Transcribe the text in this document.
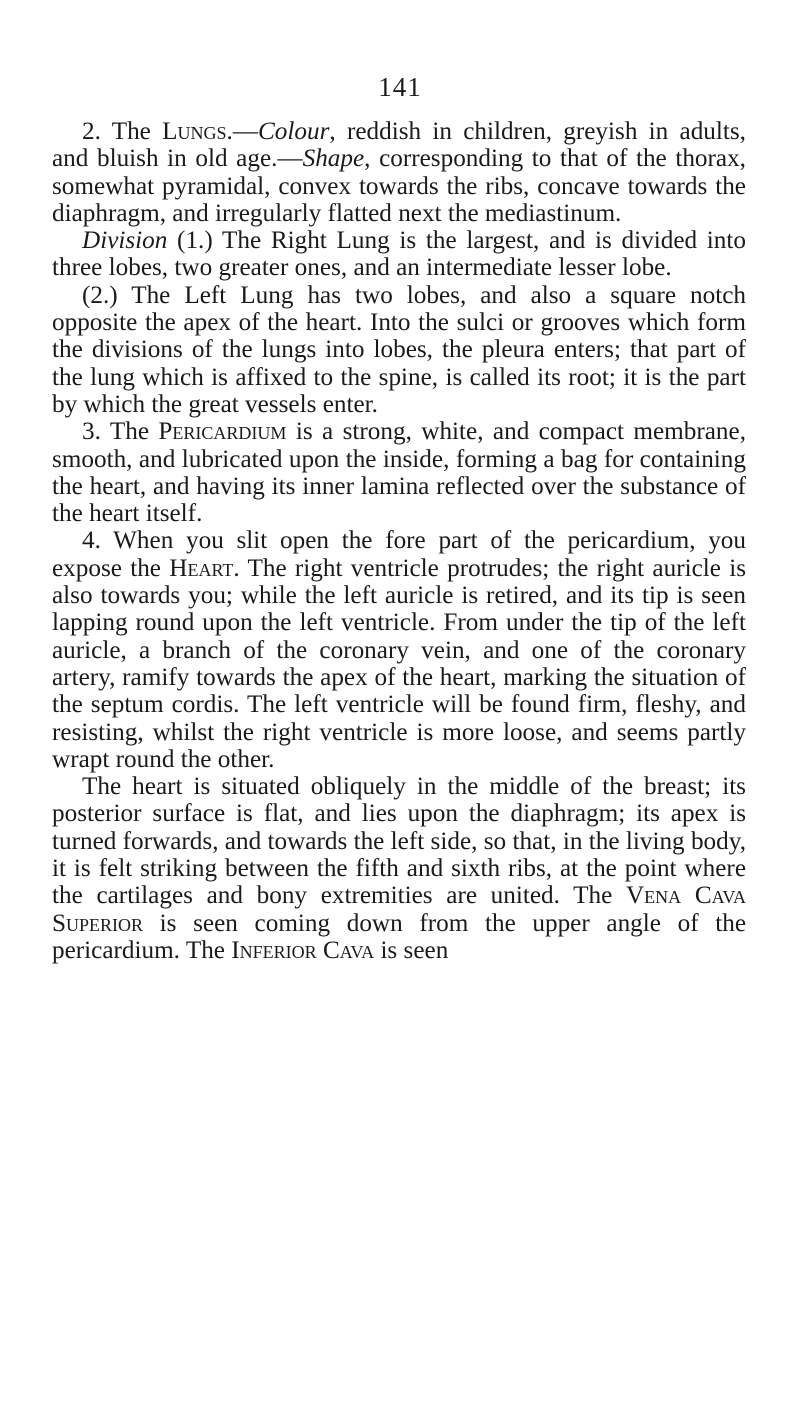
141

2. The Lungs.—Colour, reddish in children, greyish in adults, and bluish in old age.—Shape, corresponding to that of the thorax, somewhat pyramidal, convex towards the ribs, concave towards the diaphragm, and irregularly flatted next the mediastinum.

Division (1.) The Right Lung is the largest, and is divided into three lobes, two greater ones, and an intermediate lesser lobe.

(2.) The Left Lung has two lobes, and also a square notch opposite the apex of the heart. Into the sulci or grooves which form the divisions of the lungs into lobes, the pleura enters; that part of the lung which is affixed to the spine, is called its root; it is the part by which the great vessels enter.

3. The Pericardium is a strong, white, and compact membrane, smooth, and lubricated upon the inside, forming a bag for containing the heart, and having its inner lamina reflected over the substance of the heart itself.

4. When you slit open the fore part of the pericardium, you expose the Heart. The right ventricle protrudes; the right auricle is also towards you; while the left auricle is retired, and its tip is seen lapping round upon the left ventricle. From under the tip of the left auricle, a branch of the coronary vein, and one of the coronary artery, ramify towards the apex of the heart, marking the situation of the septum cordis. The left ventricle will be found firm, fleshy, and resisting, whilst the right ventricle is more loose, and seems partly wrapt round the other.

The heart is situated obliquely in the middle of the breast; its posterior surface is flat, and lies upon the diaphragm; its apex is turned forwards, and towards the left side, so that, in the living body, it is felt striking between the fifth and sixth ribs, at the point where the cartilages and bony extremities are united. The Vena Cava Superior is seen coming down from the upper angle of the pericardium. The Inferior Cava is seen
